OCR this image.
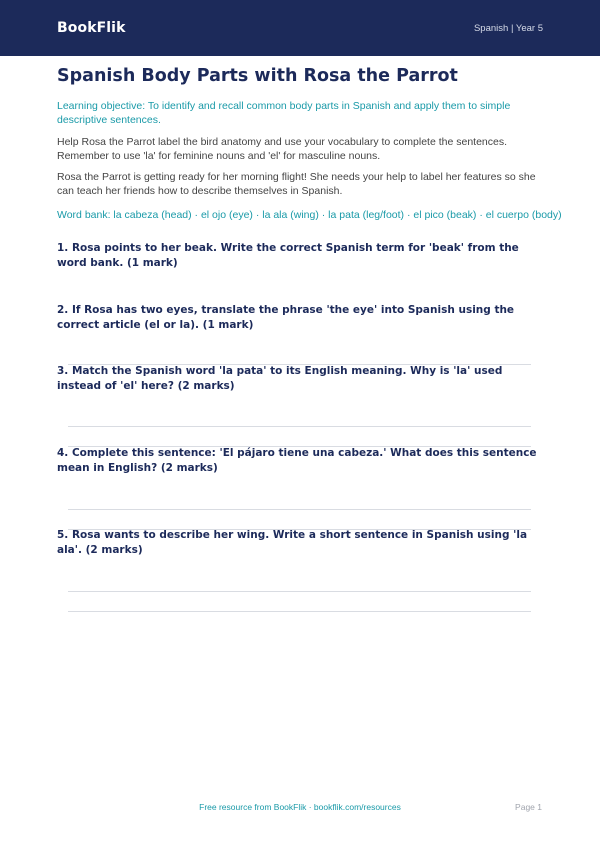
BookFlik	Spanish | Year 5
Spanish Body Parts with Rosa the Parrot

Learning objective: To identify and recall common body parts in Spanish and apply them to simple descriptive sentences.

Help Rosa the Parrot label the bird anatomy and use your vocabulary to complete the sentences. Remember to use 'la' for feminine nouns and 'el' for masculine nouns.

Rosa the Parrot is getting ready for her morning flight! She needs your help to label her features so she can teach her friends how to describe themselves in Spanish.

Word bank: la cabeza (head) · el ojo (eye) · la ala (wing) · la pata (leg/foot) · el pico (beak) · el cuerpo (body)

1. Rosa points to her beak. Write the correct Spanish term for 'beak' from the word bank. (1 mark)

2. If Rosa has two eyes, translate the phrase 'the eye' into Spanish using the correct article (el or la). (1 mark)

3. Match the Spanish word 'la pata' to its English meaning. Why is 'la' used instead of 'el' here? (2 marks)

4. Complete this sentence: 'El pájaro tiene una cabeza.' What does this sentence mean in English? (2 marks)

5. Rosa wants to describe her wing. Write a short sentence in Spanish using 'la ala'. (2 marks)

Free resource from BookFlik · bookflik.com/resources	Page 1
